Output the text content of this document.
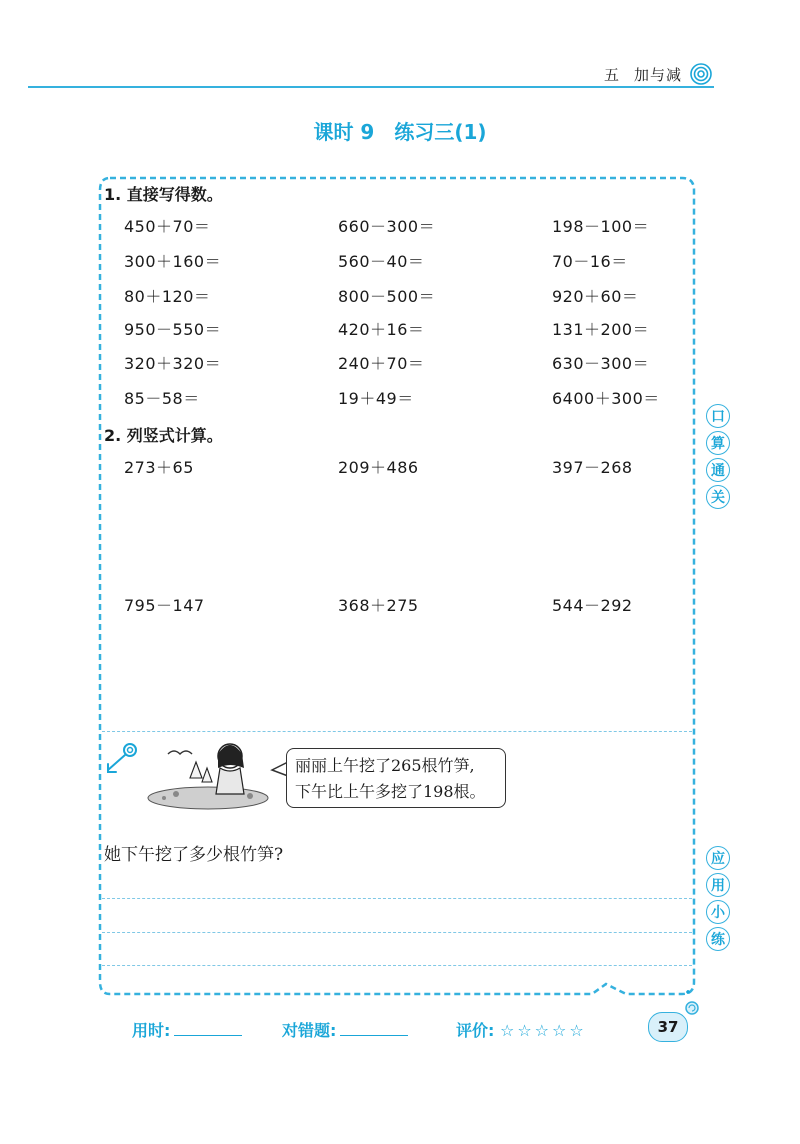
五 加与减
课时 9 练习三(1)
1. 直接写得数。
450＋70＝	660－300＝	198－100＝
300＋160＝	560－40＝	70－16＝
80＋120＝	800－500＝	920＋60＝
950－550＝	420＋16＝	131＋200＝
320＋320＝	240＋70＝	630－300＝
85－58＝	19＋49＝	6400＋300＝
2. 列竖式计算。
273＋65	209＋486	397－268
795－147	368＋275	544－292
丽丽上午挖了265根竹笋,
下午比上午多挖了198根。
她下午挖了多少根竹笋?
口
算
通
关
应
用
小
练
用时:	对错题:	评价: ☆☆☆☆☆	37
